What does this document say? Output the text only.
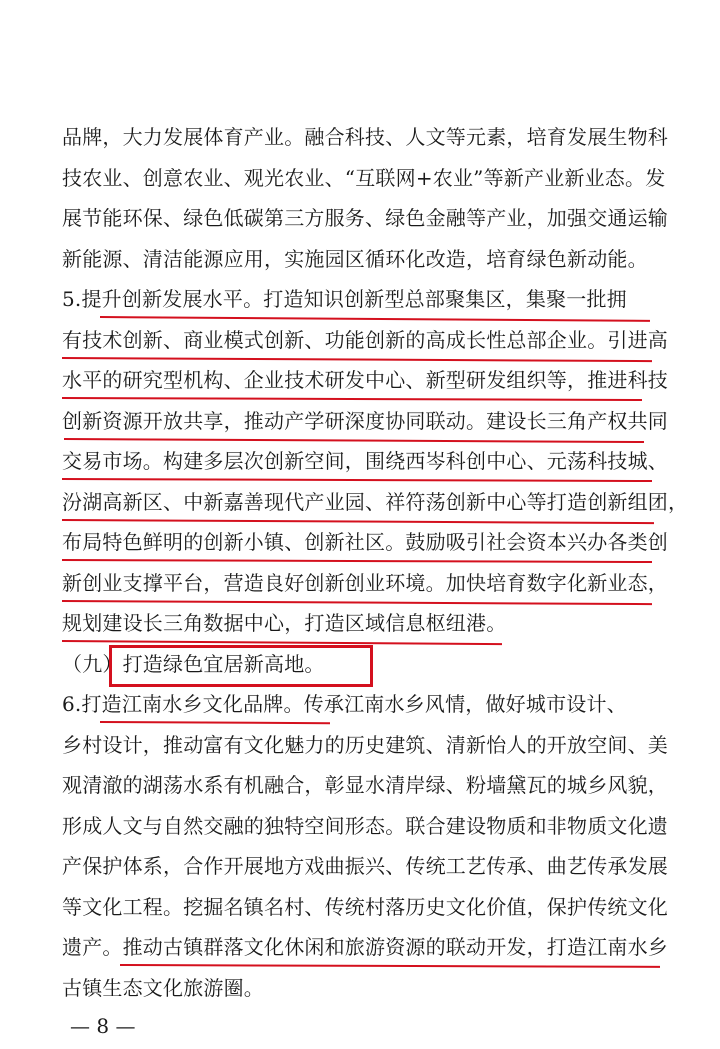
品牌，大力发展体育产业。融合科技、人文等元素，培育发展生物科
技农业、创意农业、观光农业、“互联网+农业”等新产业新业态。发
展节能环保、绿色低碳第三方服务、绿色金融等产业，加强交通运输
新能源、清洁能源应用，实施园区循环化改造，培育绿色新动能。
5.提升创新发展水平。打造知识创新型总部聚集区，集聚一批拥
有技术创新、商业模式创新、功能创新的高成长性总部企业。引进高
水平的研究型机构、企业技术研发中心、新型研发组织等，推进科技
创新资源开放共享，推动产学研深度协同联动。建设长三角产权共同
交易市场。构建多层次创新空间，围绕西岑科创中心、元荡科技城、
汾湖高新区、中新嘉善现代产业园、祥符荡创新中心等打造创新组团，
布局特色鲜明的创新小镇、创新社区。鼓励吸引社会资本兴办各类创
新创业支撑平台，营造良好创新创业环境。加快培育数字化新业态，
规划建设长三角数据中心，打造区域信息枢纽港。
（九）打造绿色宜居新高地。
6.打造江南水乡文化品牌。传承江南水乡风情，做好城市设计、
乡村设计，推动富有文化魅力的历史建筑、清新怡人的开放空间、美
观清澈的湖荡水系有机融合，彰显水清岸绿、粉墙黛瓦的城乡风貌，
形成人文与自然交融的独特空间形态。联合建设物质和非物质文化遗
产保护体系，合作开展地方戏曲振兴、传统工艺传承、曲艺传承发展
等文化工程。挖掘名镇名村、传统村落历史文化价值，保护传统文化
遗产。推动古镇群落文化休闲和旅游资源的联动开发，打造江南水乡
古镇生态文化旅游圈。
— 8 —
